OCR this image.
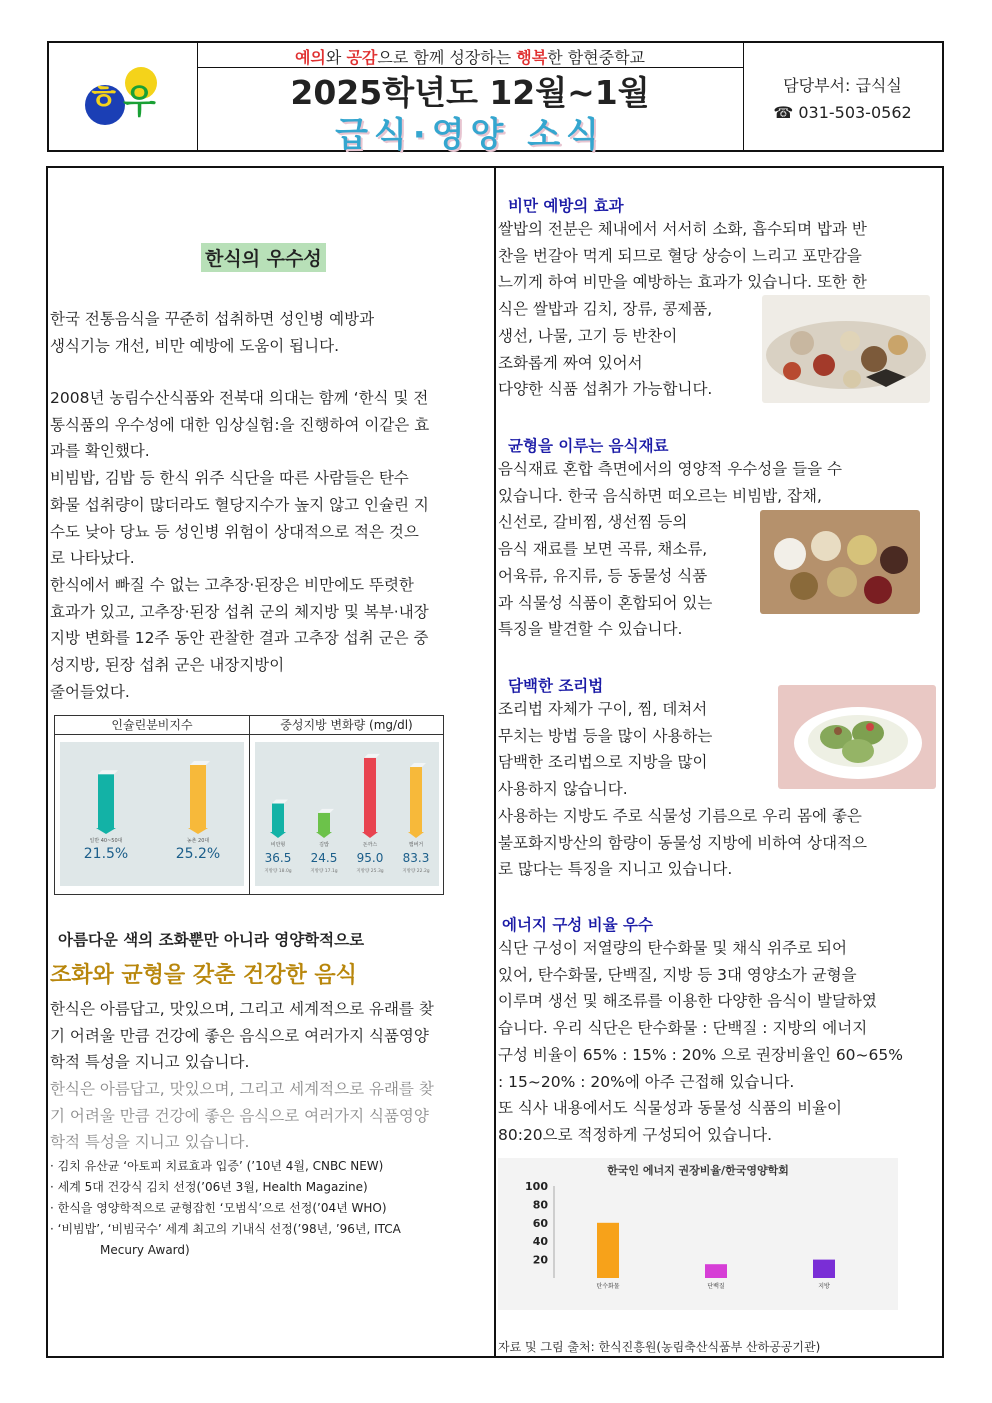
ㅎ 우
예의와 공감으로 함께 성장하는 행복한 함현중학교
2025학년도 12월~1월
급식·영양 소식
담당부서: 급식실
☎ 031-503-0562
한식의 우수성
한국 전통음식을 꾸준히 섭취하면 성인병 예방과
생식기능 개선, 비만 예방에 도움이 됩니다.
2008년 농림수산식품와 전북대 의대는 함께 ‘한식 및 전
통식품의 우수성에 대한 임상실험:을 진행하여 이같은 효
과를 확인했다.
비빔밥, 김밥 등 한식 위주 식단을 따른 사람들은 탄수
화물 섭취량이 많더라도 혈당지수가 높지 않고 인슐린 지
수도 낮아 당뇨 등 성인병 위험이 상대적으로 적은 것으
로 나타났다.
한식에서 빠질 수 없는 고추장·된장은 비만에도 뚜렷한
효과가 있고, 고추장·된장 섭취 군의 체지방 및 복부·내장
지방 변화를 12주 동안 관찰한 결과 고추장 섭취 군은 중
성지방, 된장 섭취 군은 내장지방이
줄어들었다.
인슐린분비지수	중성지방 변화량 (mg/dl)
일반 40~50대
21.5%
농촌 20대
25.2%
비만형
36.5
지방량 18.0g
김밥
24.5
지방량 17.1g
돈까스
95.0
지방량 25.3g
햄버거
83.3
지방량 22.2g
아름다운 색의 조화뿐만 아니라 영양학적으로
조화와 균형을 갖춘 건강한 음식
한식은 아름답고, 맛있으며, 그리고 세계적으로 유래를 찾
기 어려울 만큼 건강에 좋은 음식으로 여러가지 식품영양
학적 특성을 지니고 있습니다.
한식은 아름답고, 맛있으며, 그리고 세계적으로 유래를 찾
기 어려울 만큼 건강에 좋은 음식으로 여러가지 식품영양
학적 특성을 지니고 있습니다.
· 김치 유산균 ‘아토피 치료효과 입증’ (’10년 4월, CNBC NEW)
· 세계 5대 건강식 김치 선정(’06년 3월, Health Magazine)
· 한식을 영양학적으로 균형잡힌 ‘모범식’으로 선정(’04년 WHO)
· ‘비빔밥’, ‘비빔국수’ 세계 최고의 기내식 선정(’98년, ’96년, ITCA
Mecury Award)
비만 예방의 효과
쌀밥의 전분은 체내에서 서서히 소화, 흡수되며 밥과 반
찬을 번갈아 먹게 되므로 혈당 상승이 느리고 포만감을
느끼게 하여 비만을 예방하는 효과가 있습니다. 또한 한
식은 쌀밥과 김치, 장류, 콩제품,
생선, 나물, 고기 등 반찬이
조화롭게 짜여 있어서
다양한 식품 섭취가 가능합니다.
균형을 이루는 음식재료
음식재료 혼합 측면에서의 영양적 우수성을 들을 수
있습니다. 한국 음식하면 떠오르는 비빔밥, 잡채,
신선로, 갈비찜, 생선찜 등의
음식 재료를 보면 곡류, 채소류,
어육류, 유지류, 등 동물성 식품
과 식물성 식품이 혼합되어 있는
특징을 발견할 수 있습니다.
담백한 조리법
조리법 자체가 구이, 찜, 데쳐서
무치는 방법 등을 많이 사용하는
담백한 조리법으로 지방을 많이
사용하지 않습니다.
사용하는 지방도 주로 식물성 기름으로 우리 몸에 좋은
불포화지방산의 함량이 동물성 지방에 비하여 상대적으
로 많다는 특징을 지니고 있습니다.
에너지 구성 비율 우수
식단 구성이 저열량의 탄수화물 및 채식 위주로 되어
있어, 탄수화물, 단백질, 지방 등 3대 영양소가 균형을
이루며 생선 및 해조류를 이용한 다양한 음식이 발달하였
습니다. 우리 식단은 탄수화물 : 단백질 : 지방의 에너지
구성 비율이 65% : 15% : 20% 으로 권장비율인 60~65%
: 15~20% : 20%에 아주 근접해 있습니다.
또 식사 내용에서도 식물성과 동물성 식품의 비율이
80:20으로 적정하게 구성되어 있습니다.
한국인 에너지 권장비율/한국영양학회
20
40
60
80
100
탄수화물	단백질	지방
자료 및 그림 출처: 한식진흥원(농림축산식품부 산하공공기관)
